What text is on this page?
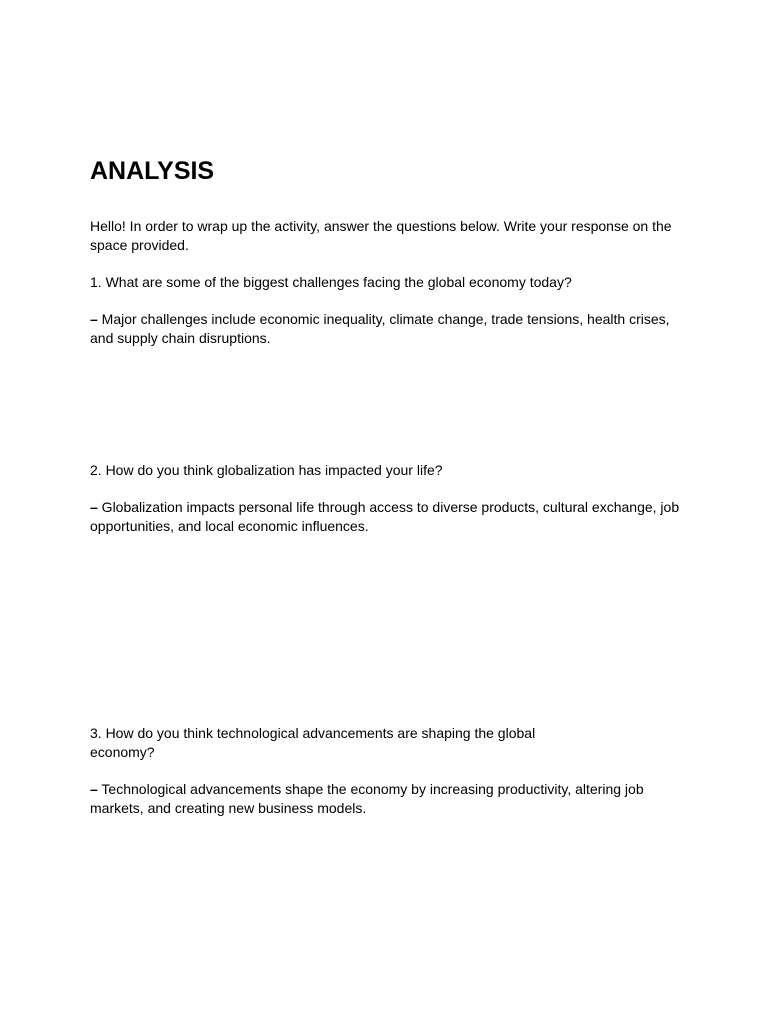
ANALYSIS

Hello! In order to wrap up the activity, answer the questions below. Write your response on the space provided.

1. What are some of the biggest challenges facing the global economy today?

– Major challenges include economic inequality, climate change, trade tensions, health crises, and supply chain disruptions.

2. How do you think globalization has impacted your life?

– Globalization impacts personal life through access to diverse products, cultural exchange, job opportunities, and local economic influences.

3. How do you think technological advancements are shaping the global economy?

– Technological advancements shape the economy by increasing productivity, altering job markets, and creating new business models.
